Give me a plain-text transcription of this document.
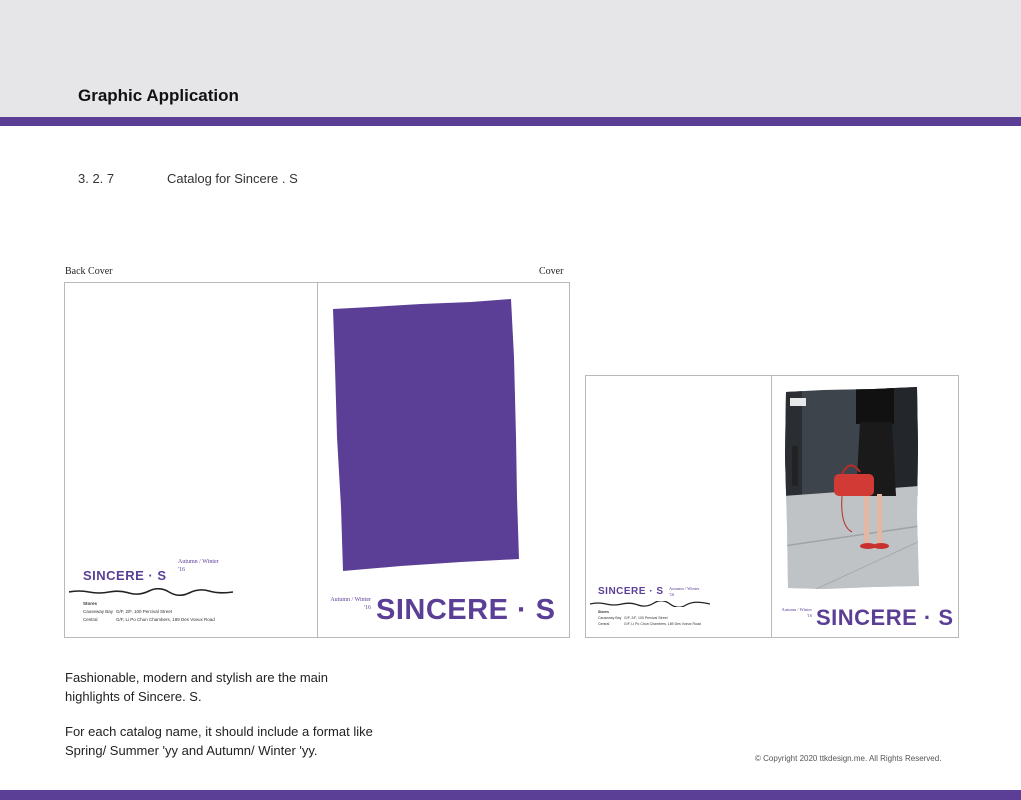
Graphic Application
3. 2. 7	Catalog for Sincere . S
Back Cover	Cover
SINCERE · S
Autumn / Winter
'16
Stores
Causeway Bay G/F, 2/F, 100 Percival Street
Central	G/F, Li Po Chun Chambers, 189 Des Voeux Road
Autumn / Winter
'16 SINCERE · S
SINCERE · S Autumn / Winter
'16
Stores
Causeway Bay G/F, 2/F, 100 Percival Street
Central	G/F, Li Po Chun Chambers, 189 Des Voeux Road
Autumn / Winter
'16 SINCERE · S
Fashionable, modern and stylish are the main
highlights of Sincere. S.
For each catalog name, it should include a format like
Spring/ Summer 'yy and Autumn/ Winter 'yy.
© Copyright 2020 ttkdesign.me. All Rights Reserved.
